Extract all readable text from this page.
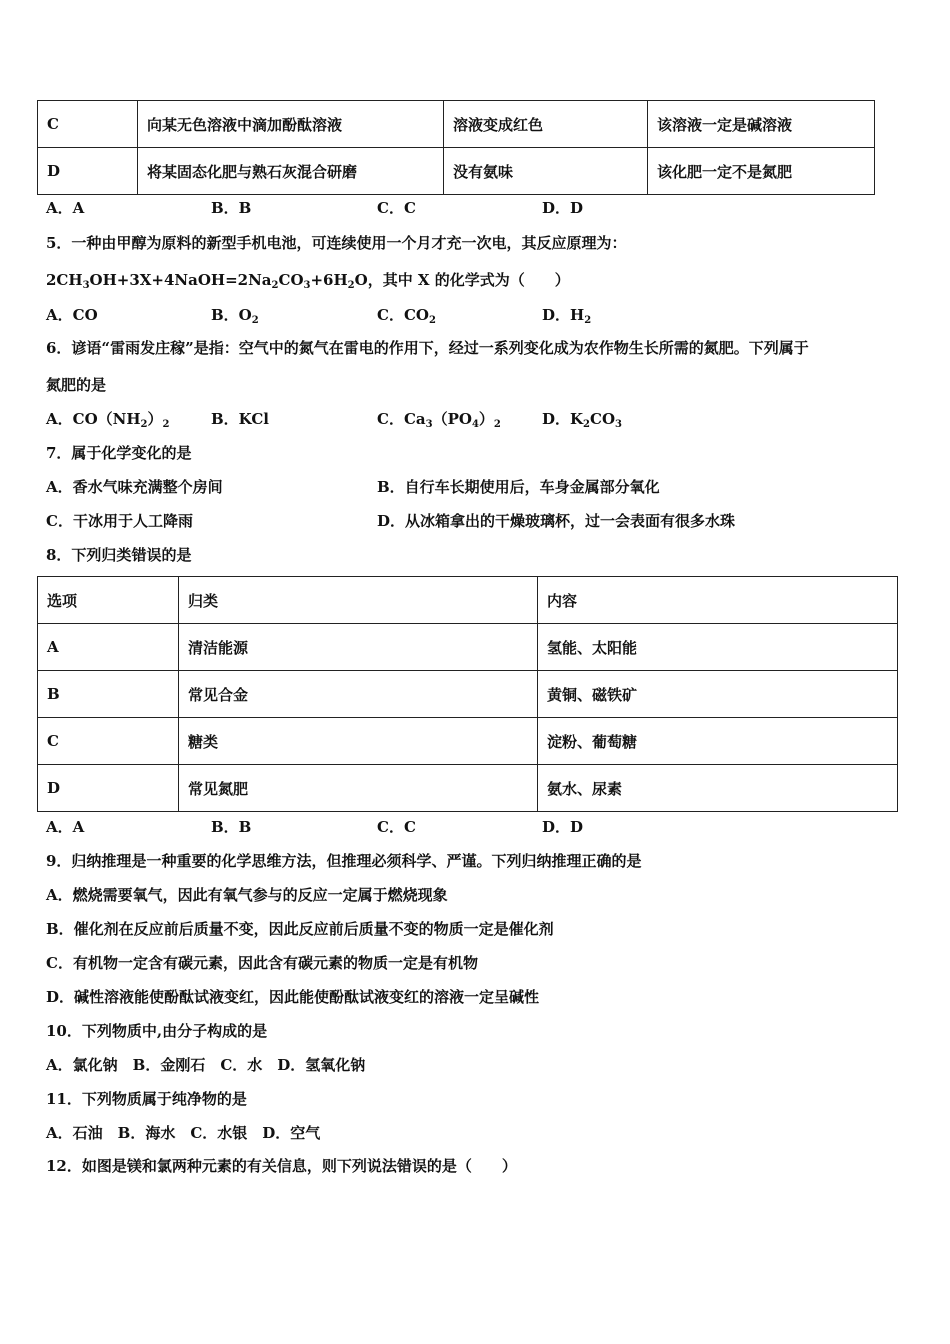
C	向某无色溶液中滴加酚酞溶液	溶液变成红色	该溶液一定是碱溶液
D	将某固态化肥与熟石灰混合研磨	没有氨味	该化肥一定不是氮肥
A．A	B．B	C．C	D．D
5．一种由甲醇为原料的新型手机电池，可连续使用一个月才充一次电，其反应原理为：
$2CH_3OH+3X+4NaOH=2Na_2CO_3+6H_2O$，其中 X 的化学式为（　　）
A．CO	B．$O_2$	C．$CO_2$	D．$H_2$
6．谚语“雷雨发庄稼”是指：空气中的氮气在雷电的作用下，经过一系列变化成为农作物生长所需的氮肥。下列属于
氮肥的是
A．$CO(NH_2)_2$	B．KCl	C．$Ca_3(PO_4)_2$	D．$K_2CO_3$
7．属于化学变化的是
A．香水气味充满整个房间	B．自行车长期使用后，车身金属部分氧化
C．干冰用于人工降雨	D．从冰箱拿出的干燥玻璃杯，过一会表面有很多水珠
8．下列归类错误的是
选项	归类	内容
A	清洁能源	氢能、太阳能
B	常见合金	黄铜、磁铁矿
C	糖类	淀粉、葡萄糖
D	常见氮肥	氨水、尿素
A．A	B．B	C．C	D．D
9．归纳推理是一种重要的化学思维方法，但推理必须科学、严谨。下列归纳推理正确的是
A．燃烧需要氧气，因此有氧气参与的反应一定属于燃烧现象
B．催化剂在反应前后质量不变，因此反应前后质量不变的物质一定是催化剂
C．有机物一定含有碳元素，因此含有碳元素的物质一定是有机物
D．碱性溶液能使酚酞试液变红，因此能使酚酞试液变红的溶液一定呈碱性
10．下列物质中,由分子构成的是
A．氯化钠　B．金刚石　C．水　D．氢氧化钠
11．下列物质属于纯净物的是
A．石油　B．海水　C．水银　D．空气
12．如图是镁和氯两种元素的有关信息，则下列说法错误的是（　　）
